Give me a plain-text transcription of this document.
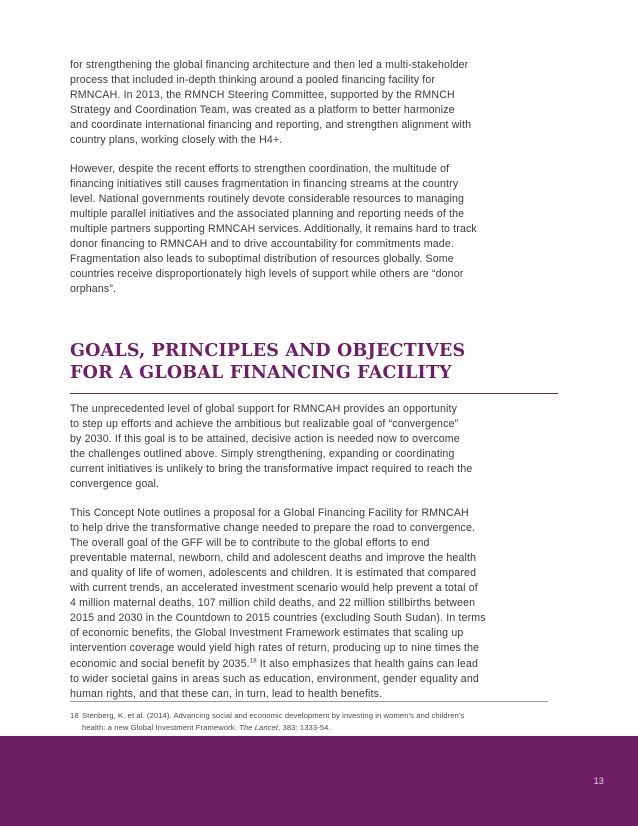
for strengthening the global financing architecture and then led a multi-stakeholder
process that included in-depth thinking around a pooled financing facility for
RMNCAH. In 2013, the RMNCH Steering Committee, supported by the RMNCH
Strategy and Coordination Team, was created as a platform to better harmonize
and coordinate international financing and reporting, and strengthen alignment with
country plans, working closely with the H4+.

However, despite the recent efforts to strengthen coordination, the multitude of
financing initiatives still causes fragmentation in financing streams at the country
level. National governments routinely devote considerable resources to managing
multiple parallel initiatives and the associated planning and reporting needs of the
multiple partners supporting RMNCAH services. Additionally, it remains hard to track
donor financing to RMNCAH and to drive accountability for commitments made.
Fragmentation also leads to suboptimal distribution of resources globally. Some
countries receive disproportionately high levels of support while others are “donor
orphans”.

GOALS, PRINCIPLES AND OBJECTIVES
FOR A GLOBAL FINANCING FACILITY

The unprecedented level of global support for RMNCAH provides an opportunity
to step up efforts and achieve the ambitious but realizable goal of “convergence”
by 2030. If this goal is to be attained, decisive action is needed now to overcome
the challenges outlined above. Simply strengthening, expanding or coordinating
current initiatives is unlikely to bring the transformative impact required to reach the
convergence goal.

This Concept Note outlines a proposal for a Global Financing Facility for RMNCAH
to help drive the transformative change needed to prepare the road to convergence.
The overall goal of the GFF will be to contribute to the global efforts to end
preventable maternal, newborn, child and adolescent deaths and improve the health
and quality of life of women, adolescents and children. It is estimated that compared
with current trends, an accelerated investment scenario would help prevent a total of
4 million maternal deaths, 107 million child deaths, and 22 million stillbirths between
2015 and 2030 in the Countdown to 2015 countries (excluding South Sudan). In terms
of economic benefits, the Global Investment Framework estimates that scaling up
intervention coverage would yield high rates of return, producing up to nine times the
economic and social benefit by 2035.18 It also emphasizes that health gains can lead
to wider societal gains in areas such as education, environment, gender equality and
human rights, and that these can, in turn, lead to health benefits.

18 Stenberg, K. et al. (2014). Advancing social and economic development by investing in women’s and children’s
health: a new Global Investment Framework. The Lancet, 383: 1333-54.
13
